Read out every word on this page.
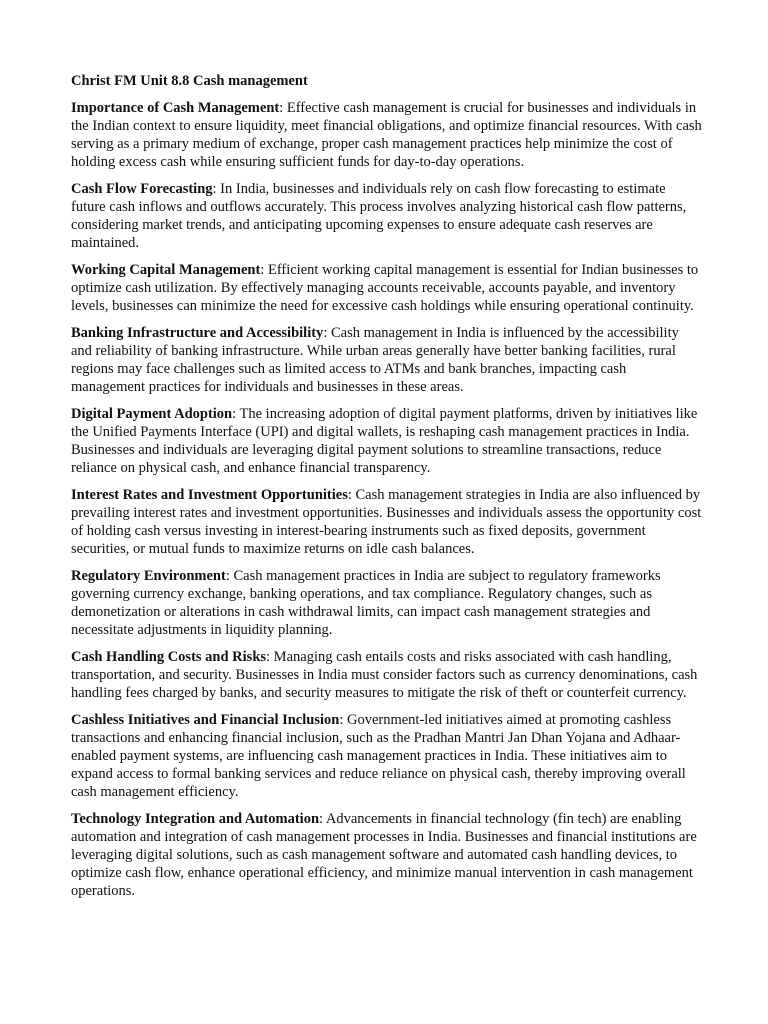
Christ FM Unit 8.8 Cash management

Importance of Cash Management: Effective cash management is crucial for businesses and individuals in the Indian context to ensure liquidity, meet financial obligations, and optimize financial resources. With cash serving as a primary medium of exchange, proper cash management practices help minimize the cost of holding excess cash while ensuring sufficient funds for day-to-day operations.

Cash Flow Forecasting: In India, businesses and individuals rely on cash flow forecasting to estimate future cash inflows and outflows accurately. This process involves analyzing historical cash flow patterns, considering market trends, and anticipating upcoming expenses to ensure adequate cash reserves are maintained.

Working Capital Management: Efficient working capital management is essential for Indian businesses to optimize cash utilization. By effectively managing accounts receivable, accounts payable, and inventory levels, businesses can minimize the need for excessive cash holdings while ensuring operational continuity.

Banking Infrastructure and Accessibility: Cash management in India is influenced by the accessibility and reliability of banking infrastructure. While urban areas generally have better banking facilities, rural regions may face challenges such as limited access to ATMs and bank branches, impacting cash management practices for individuals and businesses in these areas.

Digital Payment Adoption: The increasing adoption of digital payment platforms, driven by initiatives like the Unified Payments Interface (UPI) and digital wallets, is reshaping cash management practices in India. Businesses and individuals are leveraging digital payment solutions to streamline transactions, reduce reliance on physical cash, and enhance financial transparency.

Interest Rates and Investment Opportunities: Cash management strategies in India are also influenced by prevailing interest rates and investment opportunities. Businesses and individuals assess the opportunity cost of holding cash versus investing in interest-bearing instruments such as fixed deposits, government securities, or mutual funds to maximize returns on idle cash balances.

Regulatory Environment: Cash management practices in India are subject to regulatory frameworks governing currency exchange, banking operations, and tax compliance. Regulatory changes, such as demonetization or alterations in cash withdrawal limits, can impact cash management strategies and necessitate adjustments in liquidity planning.

Cash Handling Costs and Risks: Managing cash entails costs and risks associated with cash handling, transportation, and security. Businesses in India must consider factors such as currency denominations, cash handling fees charged by banks, and security measures to mitigate the risk of theft or counterfeit currency.

Cashless Initiatives and Financial Inclusion: Government-led initiatives aimed at promoting cashless transactions and enhancing financial inclusion, such as the Pradhan Mantri Jan Dhan Yojana and Adhaar-enabled payment systems, are influencing cash management practices in India. These initiatives aim to expand access to formal banking services and reduce reliance on physical cash, thereby improving overall cash management efficiency.

Technology Integration and Automation: Advancements in financial technology (fin tech) are enabling automation and integration of cash management processes in India. Businesses and financial institutions are leveraging digital solutions, such as cash management software and automated cash handling devices, to optimize cash flow, enhance operational efficiency, and minimize manual intervention in cash management operations.
